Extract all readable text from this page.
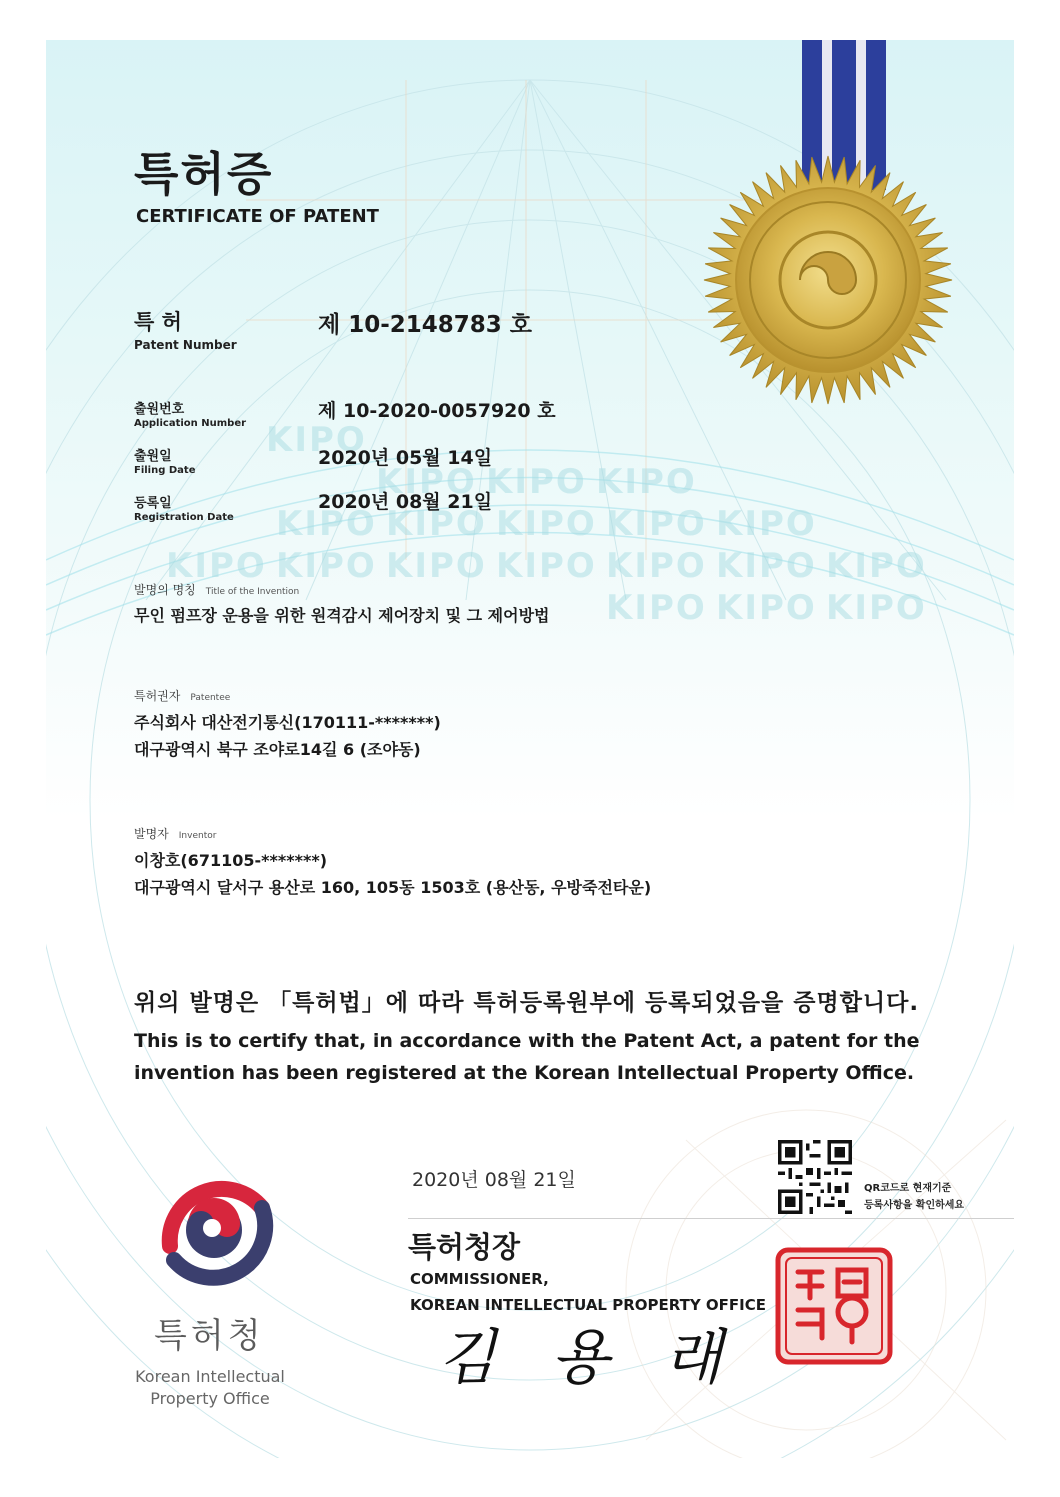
KIPO
KIPO KIPO KIPO
KIPO KIPO KIPO KIPO KIPO
KIPO KIPO KIPO KIPO KIPO KIPO KIPO
KIPO KIPO KIPO
특허증
CERTIFICATE OF PATENT
특 허
Patent Number
제 10-2148783 호
출원번호
Application Number
제 10-2020-0057920 호
출원일
Filing Date
2020년 05월 14일
등록일
Registration Date
2020년 08월 21일
발명의 명칭 Title of the Invention
무인 펌프장 운용을 위한 원격감시 제어장치 및 그 제어방법
특허권자 Patentee
주식회사 대산전기통신(170111-*******)
대구광역시 북구 조야로14길 6 (조야동)
발명자 Inventor
이창호(671105-*******)
대구광역시 달서구 용산로 160, 105동 1503호 (용산동, 우방죽전타운)
위의 발명은 「특허법」에 따라 특허등록원부에 등록되었음을 증명합니다.
This is to certify that, in accordance with the Patent Act, a patent for the
invention has been registered at the Korean Intellectual Property Office.
특허청
Korean Intellectual
Property Office
2020년 08월 21일
특허청장
COMMISSIONER,
KOREAN INTELLECTUAL PROPERTY OFFICE
김 용 래
QR코드로 현재기준
등록사항을 확인하세요
